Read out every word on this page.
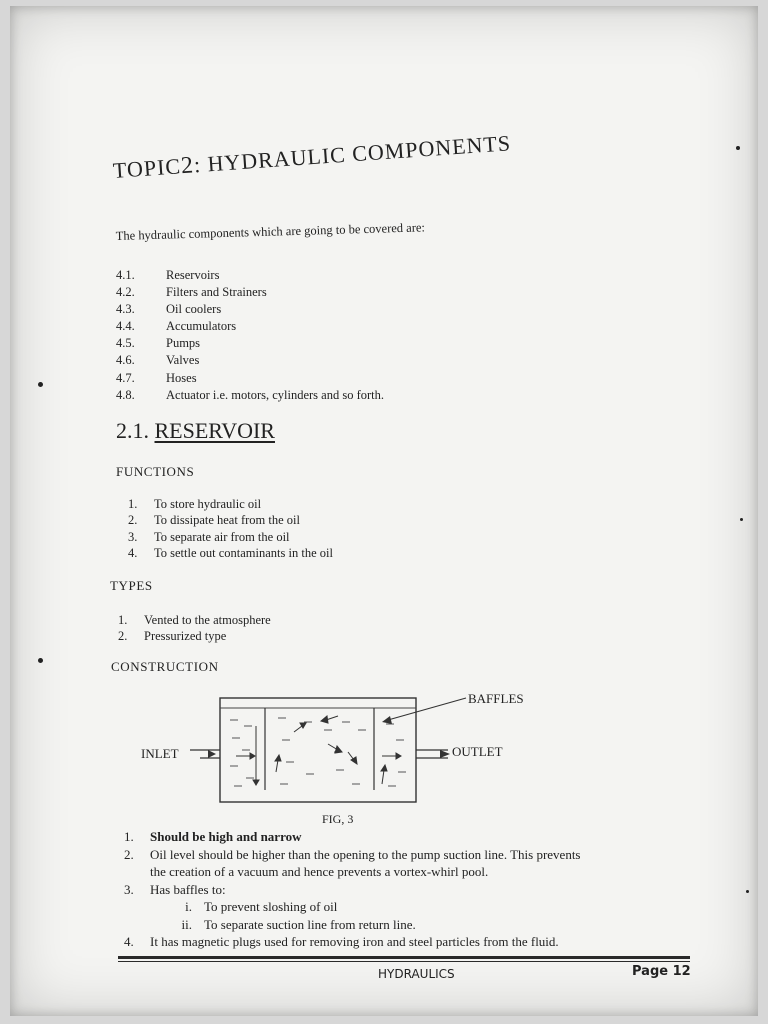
TOPIC2: HYDRAULIC COMPONENTS
The hydraulic components which are going to be covered are:
4.1.	Reservoirs
4.2.	Filters and Strainers
4.3.	Oil coolers
4.4.	Accumulators
4.5.	Pumps
4.6.	Valves
4.7.	Hoses
4.8.	Actuator i.e. motors, cylinders and so forth.
2.1. RESERVOIR
FUNCTIONS
1.	To store hydraulic oil
2.	To dissipate heat from the oil
3.	To separate air from the oil
4.	To settle out contaminants in the oil
TYPES
1.	Vented to the atmosphere
2.	Pressurized type
CONSTRUCTION
INLET	OUTLET
BAFFLES
FIG, 3
1.	Should be high and narrow
2.	Oil level should be higher than the opening to the pump suction line. This prevents
the creation of a vacuum and hence prevents a vortex-whirl pool.
3.	Has baffles to:
i. To prevent sloshing of oil
ii. To separate suction line from return line.
4.	It has magnetic plugs used for removing iron and steel particles from the fluid.
HYDRAULICS	Page 12
